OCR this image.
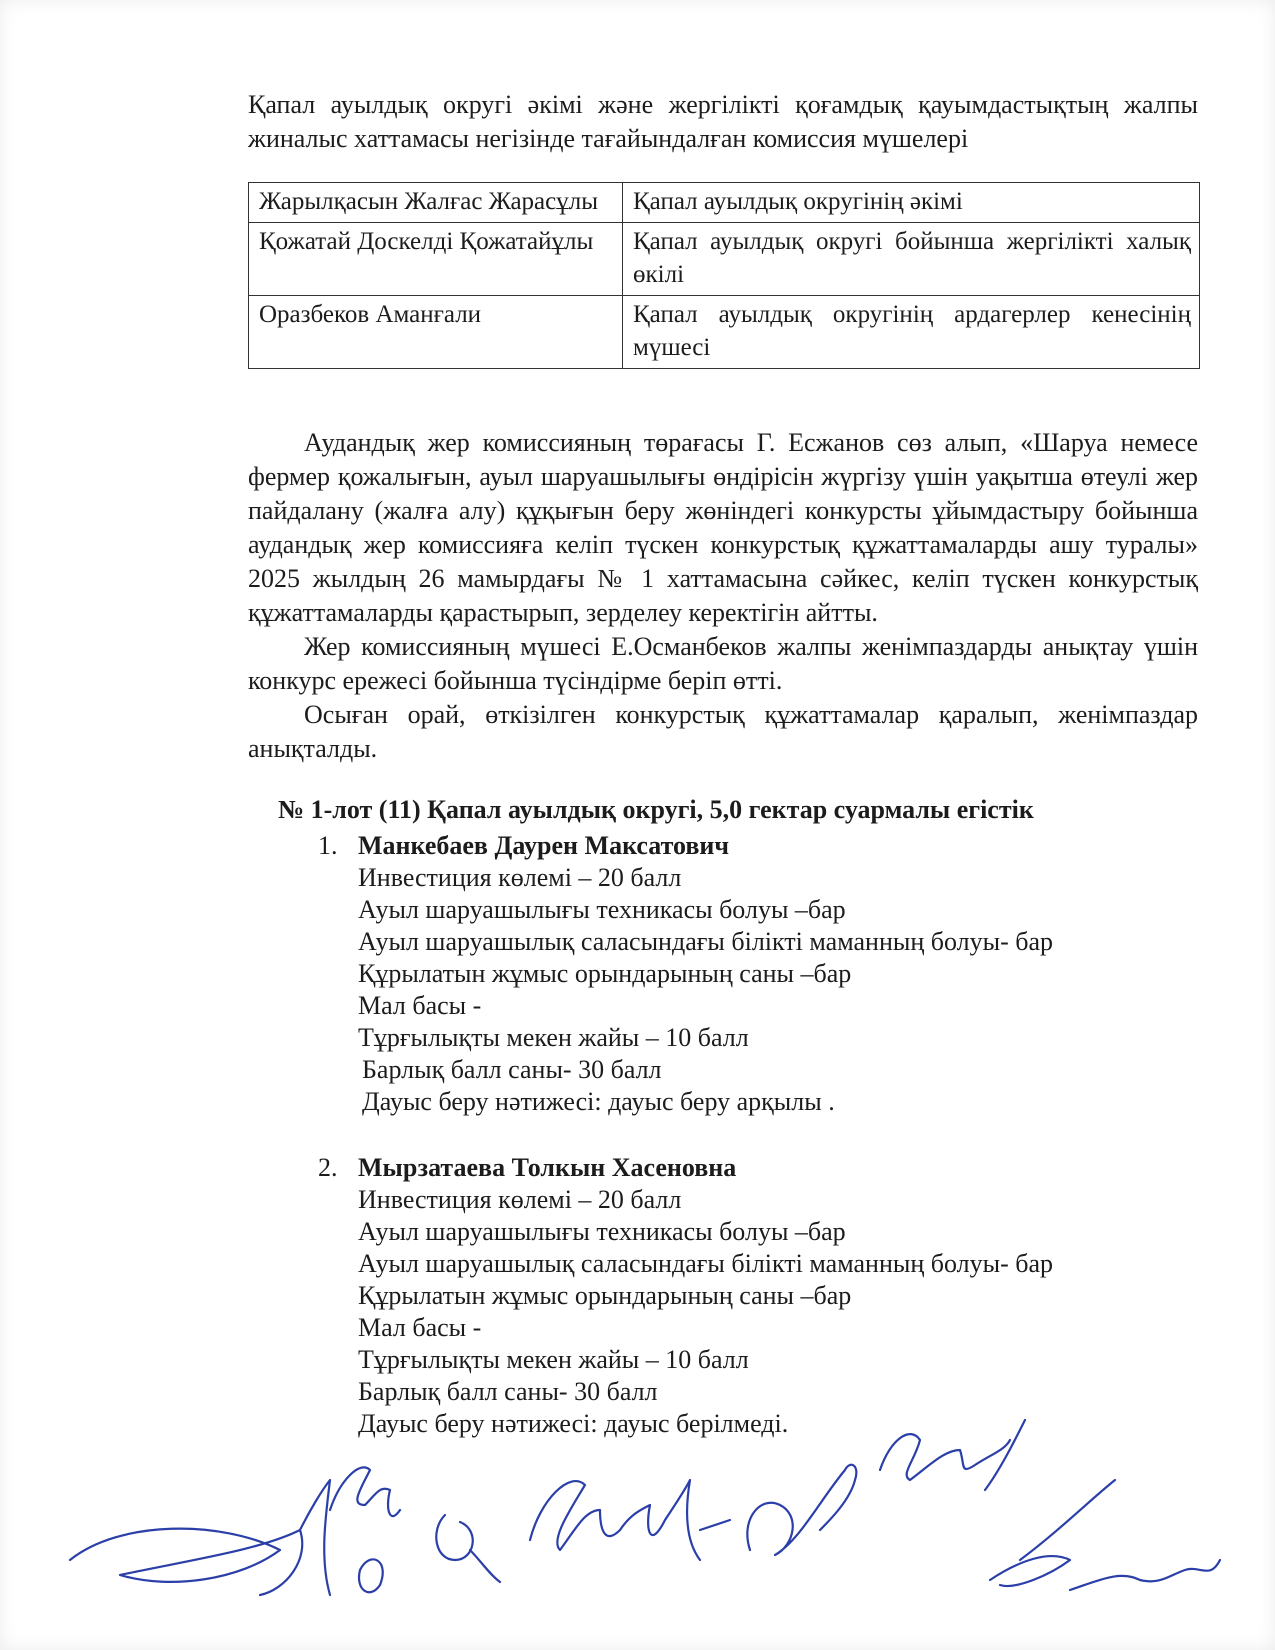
Қапал ауылдық округі әкімі және жергілікті қоғамдық қауымдастықтың жалпы жиналыс хаттамасы негізінде тағайындалған комиссия мүшелері
Жарылқасын Жалғас Жарасұлы	Қапал ауылдық округінің әкімі
Қожатай Доскелді Қожатайұлы	Қапал ауылдық округі бойынша жергілікті халық өкілі
Оразбеков Аманғали	Қапал ауылдық округінің ардагерлер кенесінің мүшесі

Аудандық жер комиссияның төрағасы Г. Есжанов сөз алып, «Шаруа немесе фермер қожалығын, ауыл шаруашылығы өндірісін жүргізу үшін уақытша өтеулі жер пайдалану (жалға алу) құқығын беру жөніндегі конкурсты ұйымдастыру бойынша аудандық жер комиссияға келіп түскен конкурстық құжаттамаларды ашу туралы» 2025 жылдың 26 мамырдағы № 1 хаттамасына сәйкес, келіп түскен конкурстық құжаттамаларды қарастырып, зерделеу керектігін айтты.

Жер комиссияның мүшесі Е.Османбеков жалпы женімпаздарды анықтау үшін конкурс ережесі бойынша түсіндірме беріп өтті.

Осыған орай, өткізілген конкурстық құжаттамалар қаралып, женімпаздар анықталды.

№ 1-лот (11) Қапал ауылдық округі, 5,0 гектар суармалы егістік
1. Манкебаев Даурен Максатович
Инвестиция көлемі – 20 балл
Ауыл шаруашылығы техникасы болуы –бар
Ауыл шаруашылық саласындағы білікті маманның болуы- бар
Құрылатын жұмыс орындарының саны –бар
Мал басы -
Тұрғылықты мекен жайы – 10 балл
Барлық балл саны- 30 балл
Дауыс беру нәтижесі: дауыс беру арқылы .
2. Мырзатаева Толкын Хасеновна
Инвестиция көлемі – 20 балл
Ауыл шаруашылығы техникасы болуы –бар
Ауыл шаруашылық саласындағы білікті маманның болуы- бар
Құрылатын жұмыс орындарының саны –бар
Мал басы -
Тұрғылықты мекен жайы – 10 балл
Барлық балл саны- 30 балл
Дауыс беру нәтижесі: дауыс берілмеді.
